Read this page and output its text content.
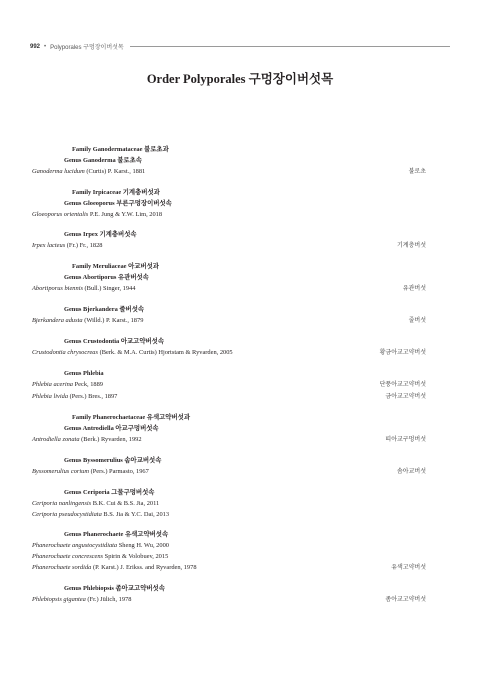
992 • Polyporales 구멍장이버섯목
Order Polyporales 구멍장이버섯목
Family Ganodermataceae 불로초과
Genus Ganoderma 불로초속
Ganoderma lucidum (Curtis) P. Karst., 1881	불로초
Family Irpicaceae 기계충버섯과
Genus Gloeoporus 부른구멍장이버섯속
Gloeoporus orientalis P.E. Jung & Y.W. Lim, 2018
Genus Irpex 기계충버섯속
Irpex lacteus (Fr.) Fr., 1828	기계충버섯
Family Meruliaceae 아교버섯과
Genus Abortiporus 유관버섯속
Abortiporus biennis (Bull.) Singer, 1944	유관버섯
Genus Bjerkandera 줄버섯속
Bjerkandera adusta (Willd.) P. Karst., 1879	줄버섯
Genus Crustodontia 아교고약버섯속
Crustodontia chrysocreas (Berk. & M.A. Curtis) Hjortstam & Ryvarden, 2005	황금아교고약버섯
Genus Phlebia
Phlebia acerina Peck, 1889	단풍아교고약버섯
Phlebia livida (Pers.) Bres., 1897	금아교고약버섯
Family Phanerochaetaceae 유색고약버섯과
Genus Antrodiella 아교구멍버섯속
Antrodiella zonata (Berk.) Ryvarden, 1992	띠아교구멍버섯
Genus Byssomerulius 솜아교버섯속
Byssomerulius corium (Pers.) Parmasto, 1967	솜아교버섯
Genus Ceriporia 그물구멍버섯속
Ceriporia nanlingensis B.K. Cui & B.S. Jia, 2011
Ceriporia pseudocystidiata B.S. Jia & Y.C. Dai, 2013
Genus Phanerochaete 유색고약버섯속
Phanerochaete angustocystidiata Sheng H. Wu, 2000
Phanerochaete concrescens Spirin & Volobuev, 2015
Phanerochaete sordida (P. Karst.) J. Erikss. and Ryvarden, 1978	유색고약버섯
Genus Phlebiopsis 좀아교고약버섯속
Phlebiopsis gigantea (Fr.) Jülich, 1978	좀아교고약버섯
